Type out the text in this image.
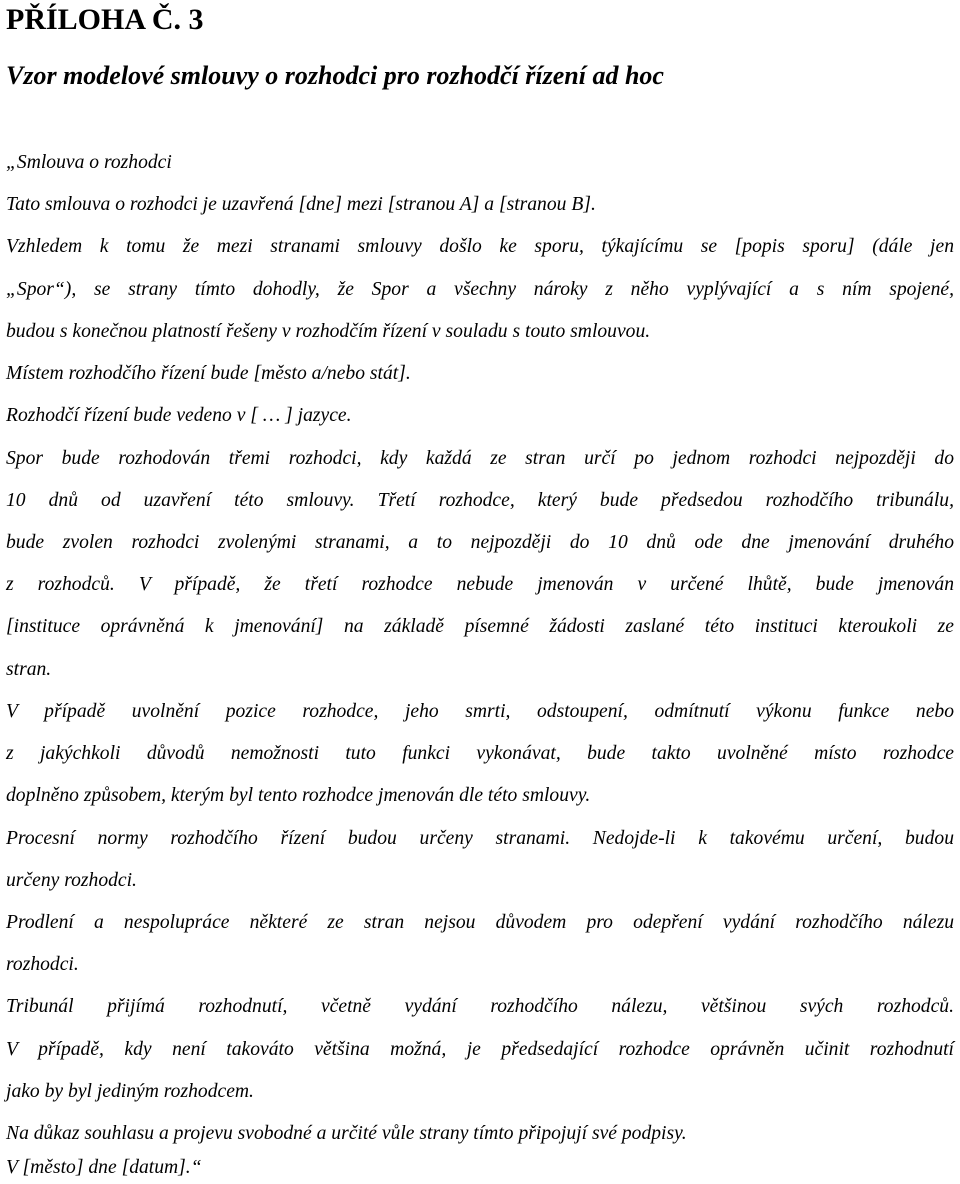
PŘÍLOHA Č. 3
Vzor modelové smlouvy o rozhodci pro rozhodčí řízení ad hoc
„Smlouva o rozhodci
Tato smlouva o rozhodci je uzavřená [dne] mezi [stranou A] a [stranou B].
Vzhledem k tomu že mezi stranami smlouvy došlo ke sporu, týkajícímu se [popis sporu] (dále jen
„Spor“), se strany tímto dohodly, že Spor a všechny nároky z něho vyplývající a s ním spojené,
budou s konečnou platností řešeny v rozhodčím řízení v souladu s touto smlouvou.
Místem rozhodčího řízení bude [město a/nebo stát].
Rozhodčí řízení bude vedeno v [ … ] jazyce.
Spor bude rozhodován třemi rozhodci, kdy každá ze stran určí po jednom rozhodci nejpozději do
10 dnů od uzavření této smlouvy. Třetí rozhodce, který bude předsedou rozhodčího tribunálu,
bude zvolen rozhodci zvolenými stranami, a to nejpozději do 10 dnů ode dne jmenování druhého
z rozhodců. V případě, že třetí rozhodce nebude jmenován v určené lhůtě, bude jmenován
[instituce oprávněná k jmenování] na základě písemné žádosti zaslané této instituci kteroukoli ze
stran.
V případě uvolnění pozice rozhodce, jeho smrti, odstoupení, odmítnutí výkonu funkce nebo
z jakýchkoli důvodů nemožnosti tuto funkci vykonávat, bude takto uvolněné místo rozhodce
doplněno způsobem, kterým byl tento rozhodce jmenován dle této smlouvy.
Procesní normy rozhodčího řízení budou určeny stranami. Nedojde-li k takovému určení, budou
určeny rozhodci.
Prodlení a nespolupráce některé ze stran nejsou důvodem pro odepření vydání rozhodčího nálezu
rozhodci.
Tribunál přijímá rozhodnutí, včetně vydání rozhodčího nálezu, většinou svých rozhodců.
V případě, kdy není takováto většina možná, je předsedající rozhodce oprávněn učinit rozhodnutí
jako by byl jediným rozhodcem.
Na důkaz souhlasu a projevu svobodné a určité vůle strany tímto připojují své podpisy.
V [město] dne [datum].“
